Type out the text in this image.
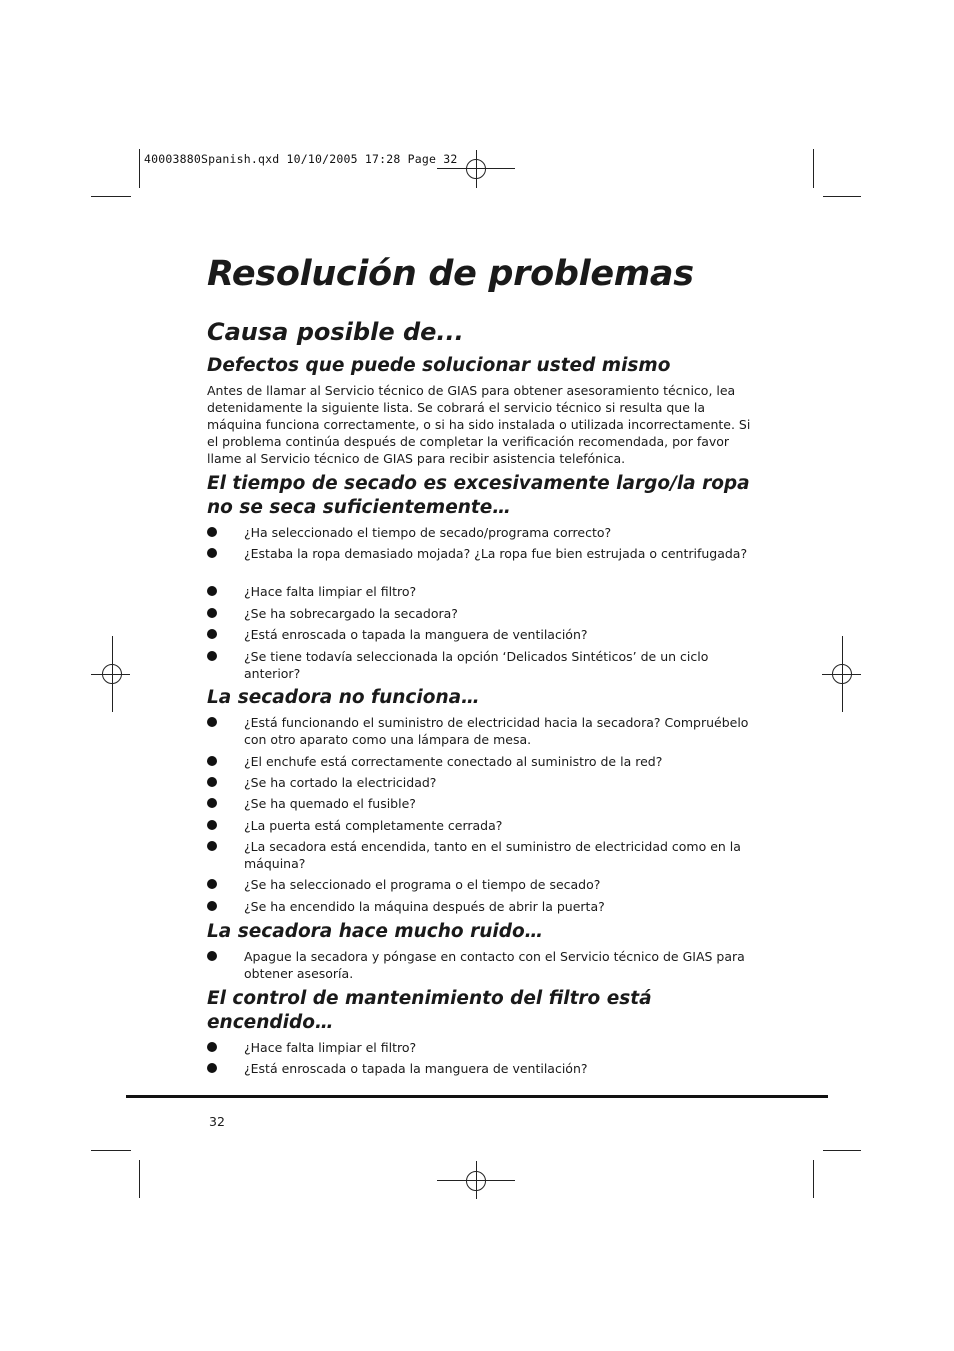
40003880Spanish.qxd 10/10/2005 17:28 Page 32
Resolución de problemas
Causa posible de...
Defectos que puede solucionar usted mismo
Antes de llamar al Servicio técnico de GIAS para obtener asesoramiento técnico, lea detenidamente la siguiente lista. Se cobrará el servicio técnico si resulta que la máquina funciona correctamente, o si ha sido instalada o utilizada incorrectamente. Si el problema continúa después de completar la verificación recomendada, por favor llame al Servicio técnico de GIAS para recibir asistencia telefónica.
El tiempo de secado es excesivamente largo/la ropa no se seca suficientemente…
¿Ha seleccionado el tiempo de secado/programa correcto?
¿Estaba la ropa demasiado mojada? ¿La ropa fue bien estrujada o centrifugada?
¿Hace falta limpiar el filtro?
¿Se ha sobrecargado la secadora?
¿Está enroscada o tapada la manguera de ventilación?
¿Se tiene todavía seleccionada la opción ‘Delicados Sintéticos’ de un ciclo anterior?
La secadora no funciona…
¿Está funcionando el suministro de electricidad hacia la secadora? Compruébelo con otro aparato como una lámpara de mesa.
¿El enchufe está correctamente conectado al suministro de la red?
¿Se ha cortado la electricidad?
¿Se ha quemado el fusible?
¿La puerta está completamente cerrada?
¿La secadora está encendida, tanto en el suministro de electricidad como en la máquina?
¿Se ha seleccionado el programa o el tiempo de secado?
¿Se ha encendido la máquina después de abrir la puerta?
La secadora hace mucho ruido…
Apague la secadora y póngase en contacto con el Servicio técnico de GIAS para obtener asesoría.
El control de mantenimiento del filtro está encendido…
¿Hace falta limpiar el filtro?
¿Está enroscada o tapada la manguera de ventilación?
32
